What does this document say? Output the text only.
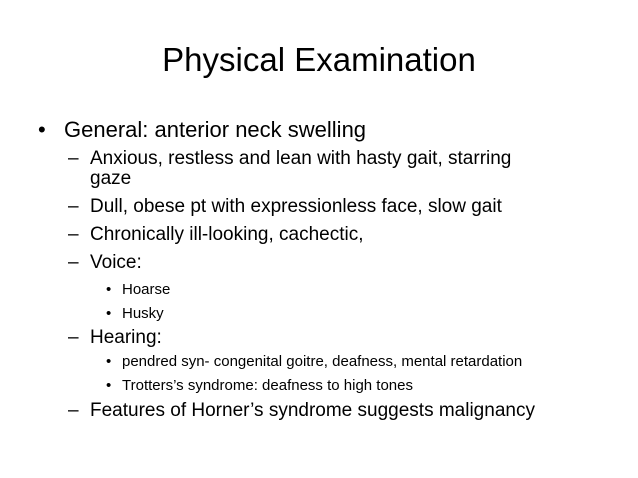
Physical Examination
• General: anterior neck swelling
– Anxious, restless and lean with hasty gait, starring
gaze
– Dull, obese pt with expressionless face, slow gait
– Chronically ill-looking, cachectic,
– Voice:
• Hoarse
• Husky
– Hearing:
• pendred syn- congenital goitre, deafness, mental retardation
• Trotters’s syndrome: deafness to high tones
– Features of Horner’s syndrome suggests malignancy
